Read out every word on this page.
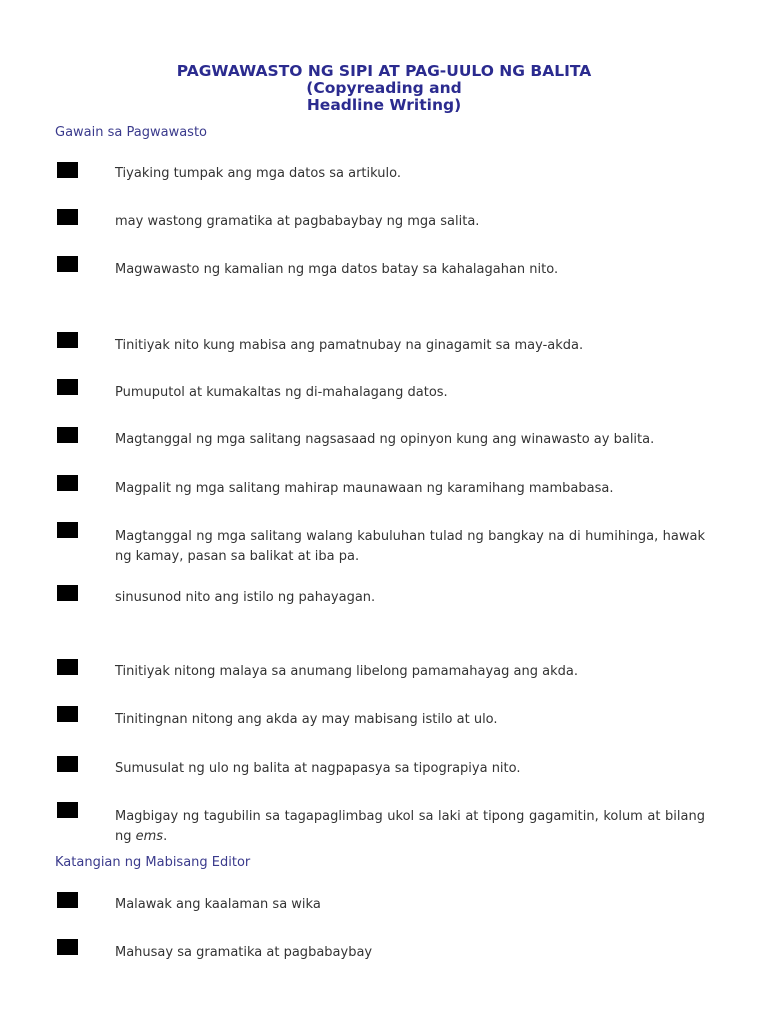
PAGWAWASTO NG SIPI AT PAG-UULO NG BALITA
(Copyreading and
Headline Writing)
Gawain sa Pagwawasto
Tiyaking tumpak ang mga datos sa artikulo.
may wastong gramatika at pagbabaybay ng mga salita.
Magwawasto ng kamalian ng mga datos batay sa kahalagahan nito.
Tinitiyak nito kung mabisa ang pamatnubay na ginagamit sa may-akda.
Pumuputol at kumakaltas ng di-mahalagang datos.
Magtanggal ng mga salitang nagsasaad ng opinyon kung ang winawasto ay balita.
Magpalit ng mga salitang mahirap maunawaan ng karamihang mambabasa.
Magtanggal ng mga salitang walang kabuluhan tulad ng bangkay na di humihinga, hawak ng kamay, pasan sa balikat at iba pa.
sinusunod nito ang istilo ng pahayagan.
Tinitiyak nitong malaya sa anumang libelong pamamahayag ang akda.
Tinitingnan nitong ang akda ay may mabisang istilo at ulo.
Sumusulat ng ulo ng balita at nagpapasya sa tipograpiya nito.
Magbigay ng tagubilin sa tagapaglimbag ukol sa laki at tipong gagamitin, kolum at bilang ng ems.
Katangian ng Mabisang Editor
Malawak ang kaalaman sa wika
Mahusay sa gramatika at pagbabaybay
